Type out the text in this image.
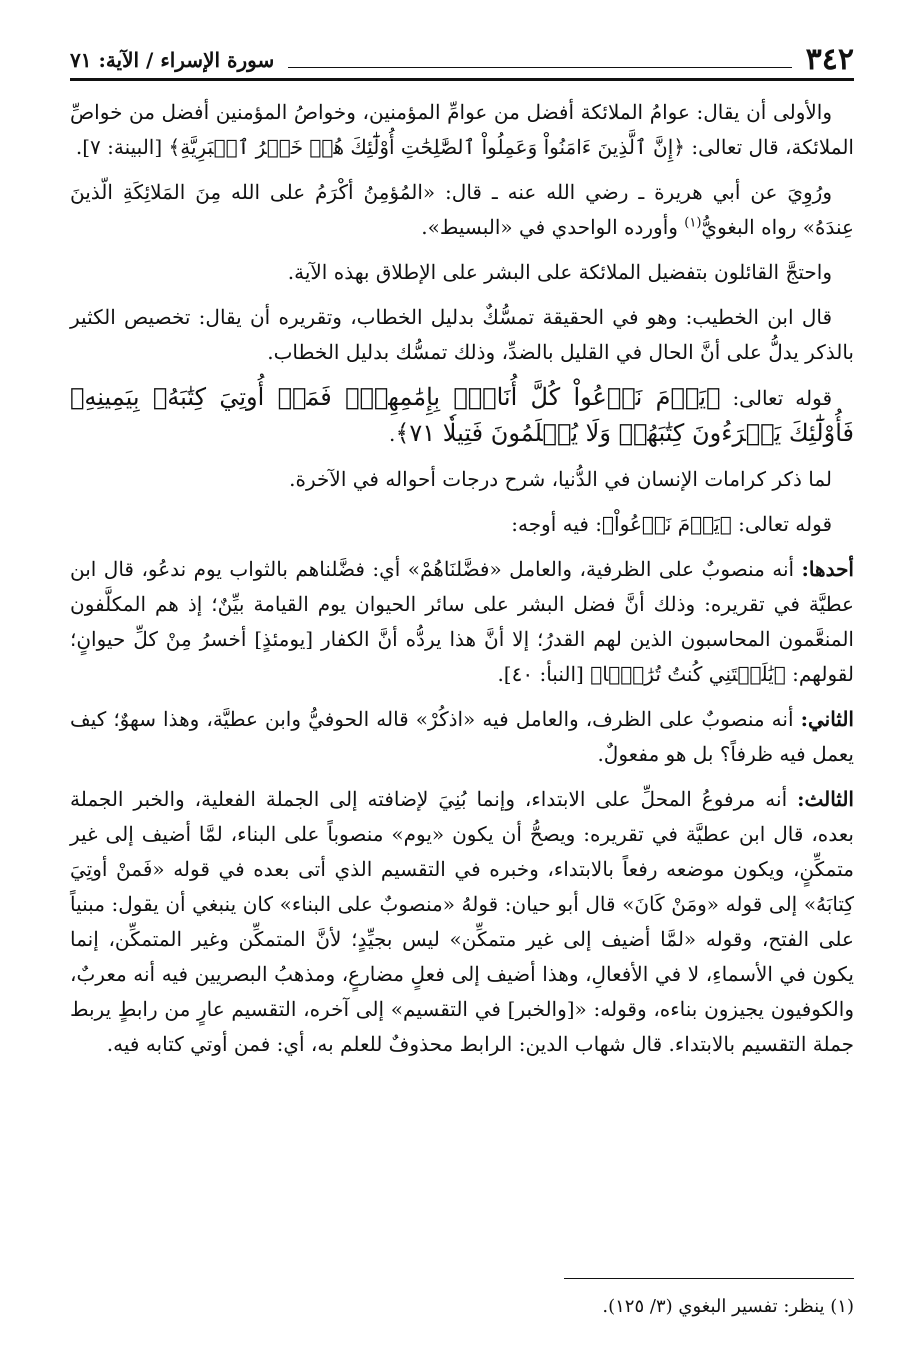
٣٤٢
سورة الإسراء / الآية: ٧١

والأولى أن يقال: عوامُ الملائكة أفضل من عوامِّ المؤمنين، وخواصُ المؤمنين أفضل من خواصِّ الملائكة، قال تعالى: ﴿إِنَّ ٱلَّذِينَ ءَامَنُواْ وَعَمِلُواْ ٱلصَّٰلِحَٰتِ أُوْلَٰٓئِكَ هُمۡ خَيۡرُ ٱلۡبَرِيَّةِ﴾ [البينة: ٧].

ورُوِيَ عن أبي هريرة ـ رضي الله عنه ـ قال: «المُؤمِنُ أكْرَمُ على الله مِنَ المَلائِكَةِ الّذينَ عِندَهُ» رواه البغويُّ$^{(١)}$ وأورده الواحدي في «البسيط».

واحتجَّ القائلون بتفضيل الملائكة على البشر على الإطلاق بهذه الآية.

قال ابن الخطيب: وهو في الحقيقة تمسُّكٌ بدليل الخطاب، وتقريره أن يقال: تخصيص الكثير بالذكر يدلُّ على أنَّ الحال في القليل بالضدِّ، وذلك تمسُّك بدليل الخطاب.

قوله تعالى: ﴿يَوۡمَ نَدۡعُواْ كُلَّ أُنَاسِۭ بِإِمَٰمِهِمۡۖ فَمَنۡ أُوتِيَ كِتَٰبَهُۥ بِيَمِينِهِۦ فَأُوْلَٰٓئِكَ يَقۡرَءُونَ كِتَٰبَهُمۡ وَلَا يُظۡلَمُونَ فَتِيلٗا ٧١﴾.

لما ذكر كرامات الإنسان في الدُّنيا، شرح درجات أحواله في الآخرة.

قوله تعالى: ﴿يَوۡمَ نَدۡعُواْ﴾: فيه أوجه:

أحدها: أنه منصوبٌ على الظرفية، والعامل «فضَّلنَاهُمْ» أي: فضَّلناهم بالثواب يوم ندعُو، قال ابن عطيَّة في تقريره: وذلك أنَّ فضل البشر على سائر الحيوان يوم القيامة بيِّنٌ؛ إذ هم المكلَّفون المنعَّمون المحاسبون الذين لهم القدرُ؛ إلا أنَّ هذا يردُّه أنَّ الكفار [يومئذٍ] أخسرُ مِنْ كلِّ حيوانٍ؛ لقولهم: ﴿يَٰلَيۡتَنِي كُنتُ تُرَٰبَۢا﴾ [النبأ: ٤٠].

الثاني: أنه منصوبٌ على الظرف، والعامل فيه «اذكُرْ» قاله الحوفيُّ وابن عطيَّة، وهذا سهوٌ؛ كيف يعمل فيه ظرفاً؟ بل هو مفعولٌ.

الثالث: أنه مرفوعُ المحلِّ على الابتداء، وإنما بُنِيَ لإضافته إلى الجملة الفعلية، والخبر الجملة بعده، قال ابن عطيَّة في تقريره: ويصحُّ أن يكون «يوم» منصوباً على البناء، لمَّا أضيف إلى غير متمكِّنٍ، ويكون موضعه رفعاً بالابتداء، وخبره في التقسيم الذي أتى بعده في قوله «فَمنْ أوتِيَ كِتابَهُ» إلى قوله «ومَنْ كَانَ» قال أبو حيان: قولهُ «منصوبٌ على البناء» كان ينبغي أن يقول: مبنياً على الفتح، وقوله «لمَّا أضيف إلى غير متمكِّن» ليس بجيِّدٍ؛ لأنَّ المتمكِّن وغير المتمكِّن، إنما يكون في الأسماءِ، لا في الأفعالِ، وهذا أضيف إلى فعلٍ مضارعٍ، ومذهبُ البصريين فيه أنه معربٌ، والكوفيون يجيزون بناءه، وقوله: «[والخبر] في التقسيم» إلى آخره، التقسيم عارٍ من رابطٍ يربط جملة التقسيم بالابتداء. قال شهاب الدين: الرابط محذوفٌ للعلم به، أي: فمن أوتي كتابه فيه.

(١) ينظر: تفسير البغوي (٣/ ١٢٥).
